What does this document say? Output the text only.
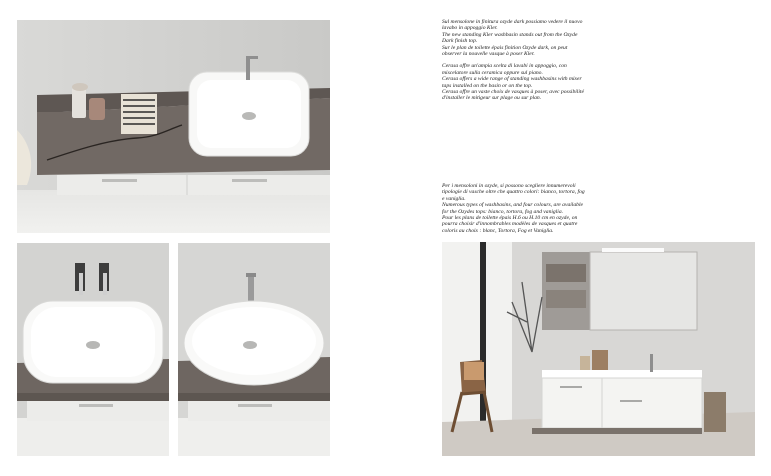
Sul mensolone in finitura ozyde dark possiamo vedere il nuovo

lavabo in appoggio Kler.

The new standing Kler washbasin stands out from the Ozyde

Dark finish top.

Sur le plan de toilette épais finition Ozyde dark, on peut

observer la nouvelle vasque à poser Kler.

Cerasa offre un'ampia scelta di lavabi in appoggio, con

miscelatore sulla ceramica oppure sul piano.

Cerasa offers a wide range of standing washbasins with mixer

taps installed on the basin or on the top.

Cerasa offre un vaste choix de vasques à poser, avec possibilité

d'installer le mitigeur sur plage ou sur plan.

Per i mensoloni in ozyde, si possono scegliere innumerevoli

tipologie di vasche oltre che quattro colori: bianco, tortora, fog

e vaniglia.

Numerous types of washbasins, and four colours, are available

for the Ozydes tops: bianco, tortora, fog and vaniglia.

Pour les plans de toilette épais H.6 ou H.10 cm en ozyde, on

pourra choisir d'innombrables modèles de vasques et quatre

coloris au choix : blanc, Tortora, Fog et Vaniglia.
